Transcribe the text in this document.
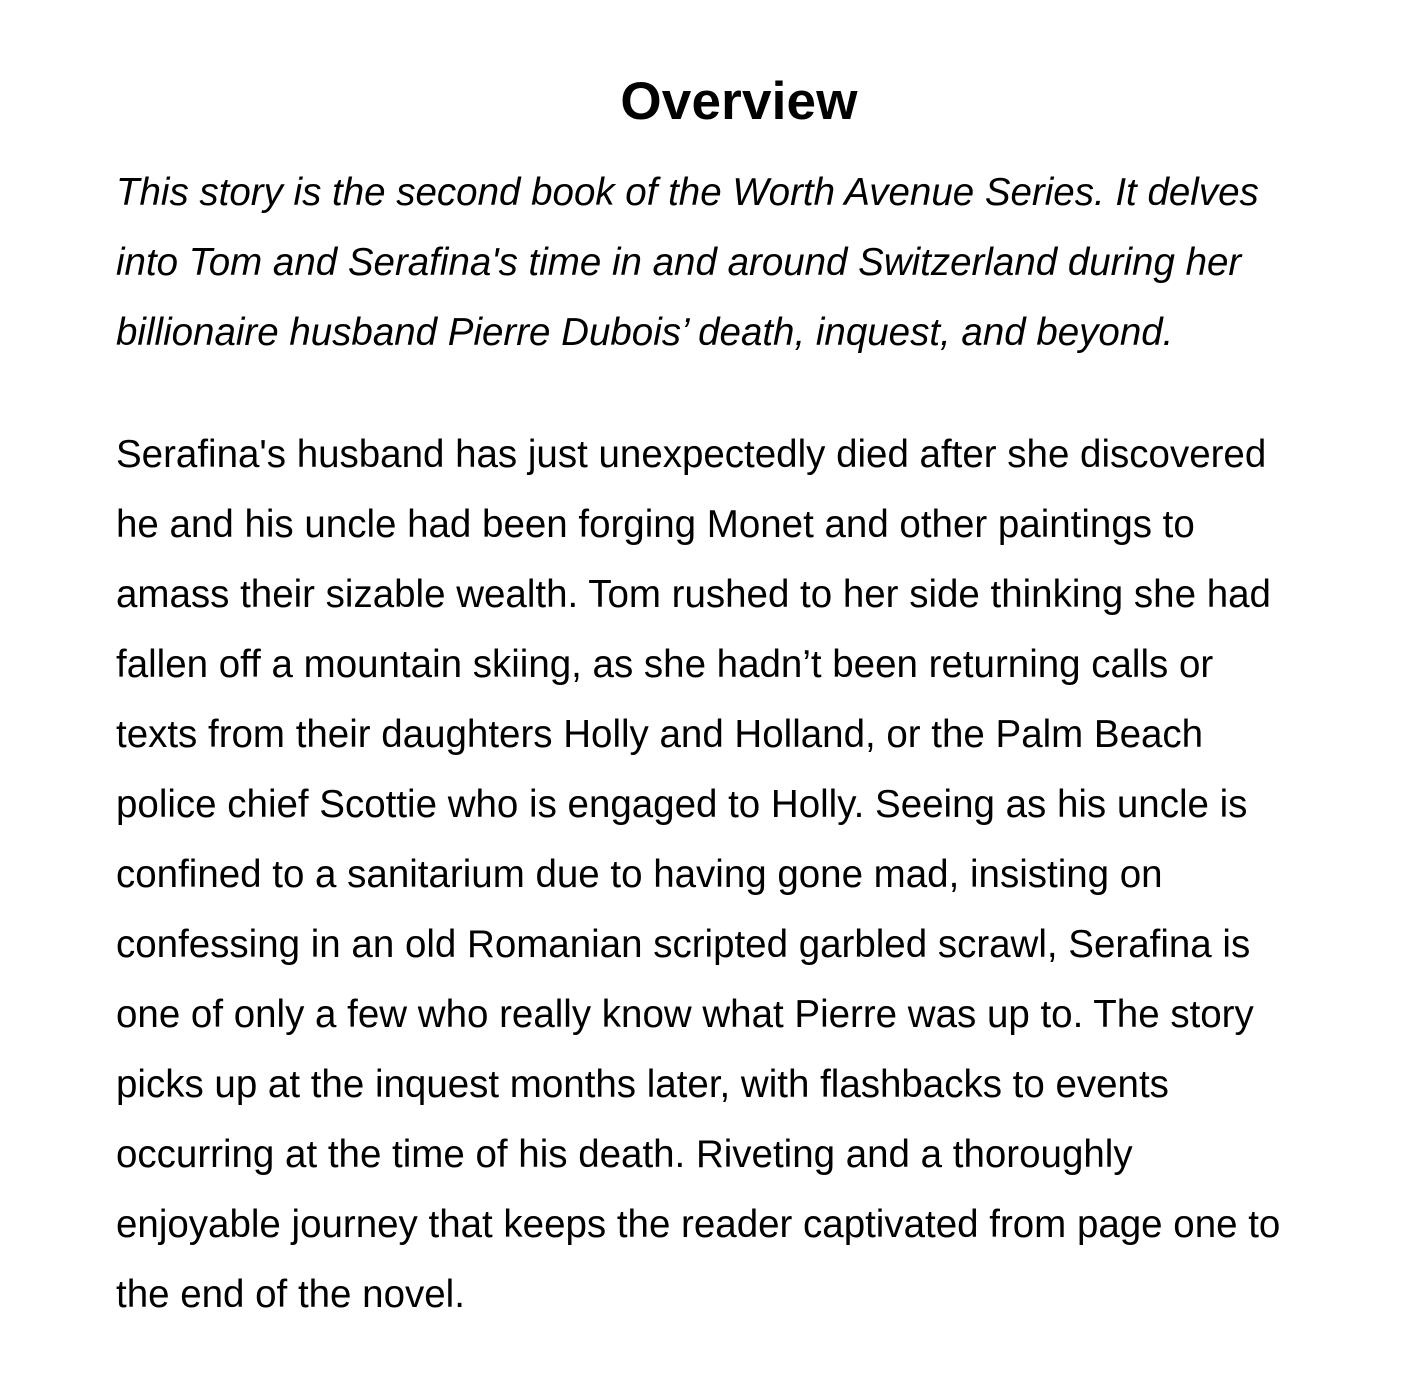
Overview

This story is the second book of the Worth Avenue Series. It delves
into Tom and Serafina's time in and around Switzerland during her
billionaire husband Pierre Dubois’ death, inquest, and beyond.

Serafina's husband has just unexpectedly died after she discovered
he and his uncle had been forging Monet and other paintings to
amass their sizable wealth. Tom rushed to her side thinking she had
fallen off a mountain skiing, as she hadn’t been returning calls or
texts from their daughters Holly and Holland, or the Palm Beach
police chief Scottie who is engaged to Holly. Seeing as his uncle is
confined to a sanitarium due to having gone mad, insisting on
confessing in an old Romanian scripted garbled scrawl, Serafina is
one of only a few who really know what Pierre was up to. The story
picks up at the inquest months later, with flashbacks to events
occurring at the time of his death. Riveting and a thoroughly
enjoyable journey that keeps the reader captivated from page one to
the end of the novel.
